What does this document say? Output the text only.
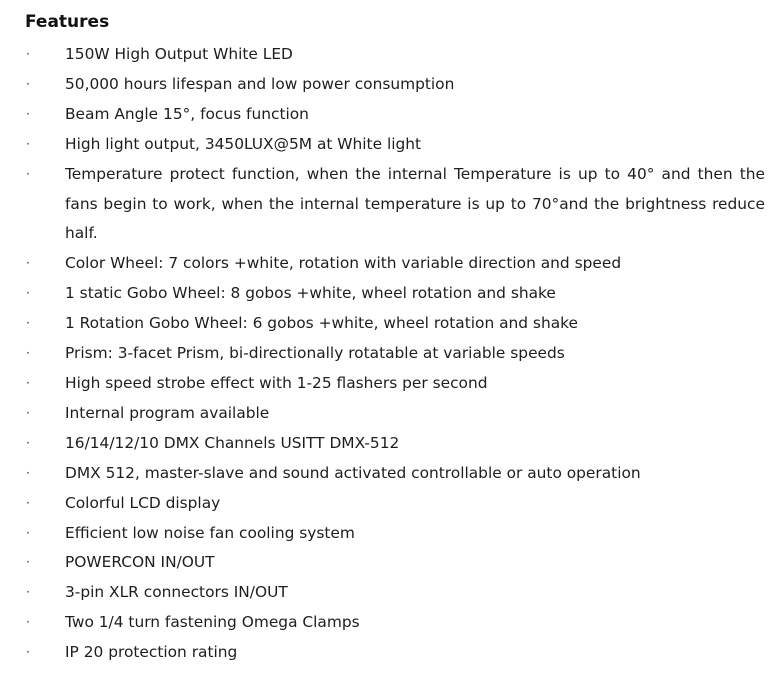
Features
· 150W High Output White LED
· 50,000 hours lifespan and low power consumption
· Beam Angle 15°, focus function
· High light output, 3450LUX@5M at White light
· Temperature protect function, when the internal Temperature is up to 40° and then the fans begin to work, when the internal temperature is up to 70°and the brightness reduce half.
· Color Wheel: 7 colors +white, rotation with variable direction and speed
· 1 static Gobo Wheel: 8 gobos +white, wheel rotation and shake
· 1 Rotation Gobo Wheel: 6 gobos +white, wheel rotation and shake
· Prism: 3-facet Prism, bi-directionally rotatable at variable speeds
· High speed strobe effect with 1-25 flashers per second
· Internal program available
· 16/14/12/10 DMX Channels USITT DMX-512
· DMX 512, master-slave and sound activated controllable or auto operation
· Colorful LCD display
· Efficient low noise fan cooling system
· POWERCON IN/OUT
· 3-pin XLR connectors IN/OUT
· Two 1/4 turn fastening Omega Clamps
· IP 20 protection rating
